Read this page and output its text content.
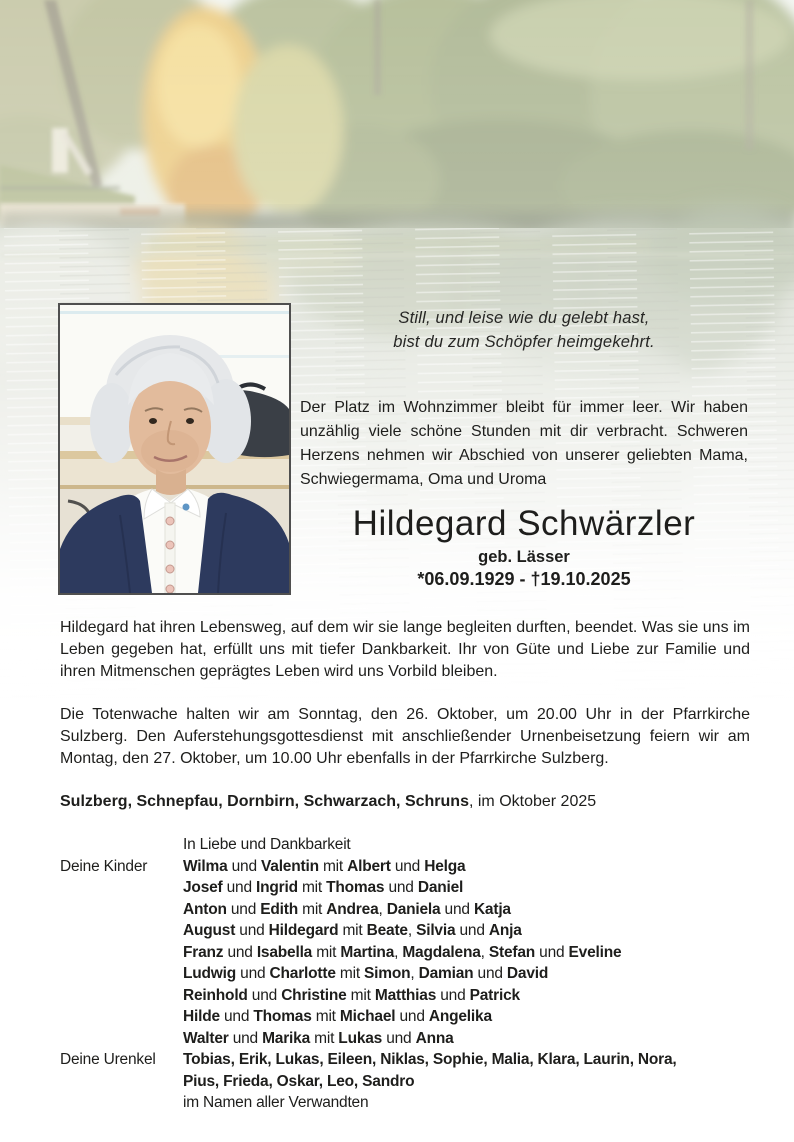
Still, und leise wie du gelebt hast,
bist du zum Schöpfer heimgekehrt.

Der Platz im Wohnzimmer bleibt für immer leer. Wir haben unzählig viele schöne Stunden mit dir verbracht. Schweren Herzens nehmen wir Abschied von unserer geliebten Mama, Schwiegermama, Oma und Uroma

Hildegard Schwärzler
geb. Lässer
*06.09.1929 - †19.10.2025

Hildegard hat ihren Lebensweg, auf dem wir sie lange begleiten durften, beendet. Was sie uns im Leben gegeben hat, erfüllt uns mit tiefer Dankbarkeit. Ihr von Güte und Liebe zur Familie und ihren Mitmenschen geprägtes Leben wird uns Vorbild bleiben.

Die Totenwache halten wir am Sonntag, den 26. Oktober, um 20.00 Uhr in der Pfarrkirche Sulzberg. Den Auferstehungsgottesdienst mit anschließender Urnenbeisetzung feiern wir am Montag, den 27. Oktober, um 10.00 Uhr ebenfalls in der Pfarrkirche Sulzberg.

Sulzberg, Schnepfau, Dornbirn, Schwarzach, Schruns, im Oktober 2025

In Liebe und Dankbarkeit
Deine Kinder	Wilma und Valentin mit Albert und Helga
Josef und Ingrid mit Thomas und Daniel
Anton und Edith mit Andrea, Daniela und Katja
August und Hildegard mit Beate, Silvia und Anja
Franz und Isabella mit Martina, Magdalena, Stefan und Eveline
Ludwig und Charlotte mit Simon, Damian und David
Reinhold und Christine mit Matthias und Patrick
Hilde und Thomas mit Michael und Angelika
Walter und Marika mit Lukas und Anna
Deine Urenkel	Tobias, Erik, Lukas, Eileen, Niklas, Sophie, Malia, Klara, Laurin, Nora,
Pius, Frieda, Oskar, Leo, Sandro
im Namen aller Verwandten
